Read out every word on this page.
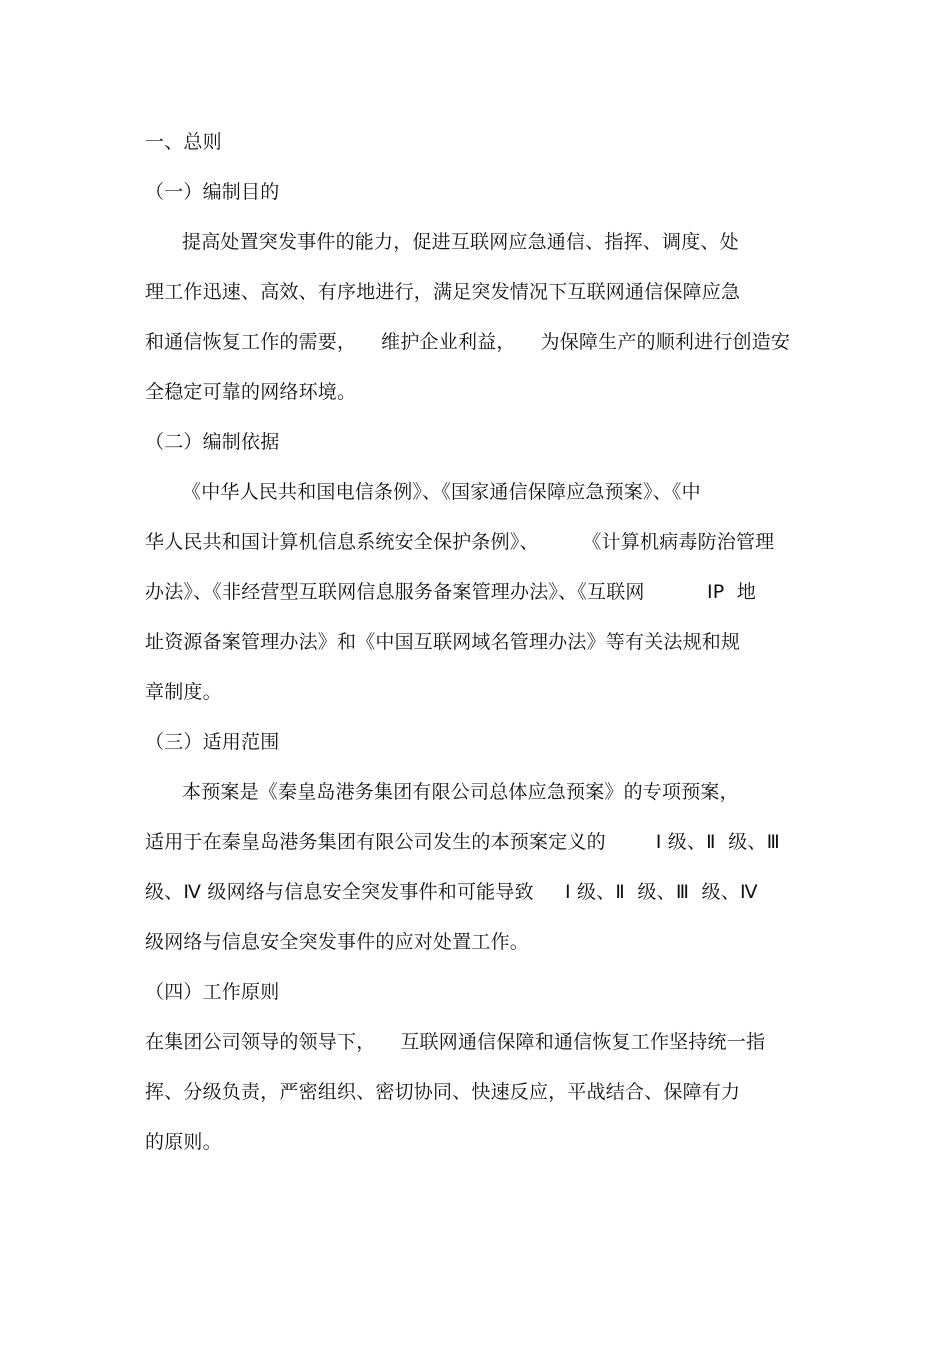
一、总则
（一）编制目的
提高处置突发事件的能力，促进互联网应急通信、指挥、调度、处
理工作迅速、高效、有序地进行，满足突发情况下互联网通信保障应急
和通信恢复工作的需要，    维护企业利益，    为保障生产的顺利进行创造安
全稳定可靠的网络环境。
（二）编制依据
《中华人民共和国电信条例》、《国家通信保障应急预案》、《中
华人民共和国计算机信息系统安全保护条例》、       《计算机病毒防治管理
办法》、《非经营型互联网信息服务备案管理办法》、《互联网          IP  地
址资源备案管理办法》和《中国互联网域名管理办法》等有关法规和规
章制度。
（三）适用范围
本预案是《秦皇岛港务集团有限公司总体应急预案》的专项预案，
适用于在秦皇岛港务集团有限公司发生的本预案定义的        Ⅰ 级、Ⅱ  级、Ⅲ
级、Ⅳ 级网络与信息安全突发事件和可能导致     Ⅰ 级、Ⅱ  级、Ⅲ  级、Ⅳ
级网络与信息安全突发事件的应对处置工作。
（四）工作原则
在集团公司领导的领导下，    互联网通信保障和通信恢复工作坚持统一指
挥、分级负责，严密组织、密切协同、快速反应，平战结合、保障有力
的原则。
